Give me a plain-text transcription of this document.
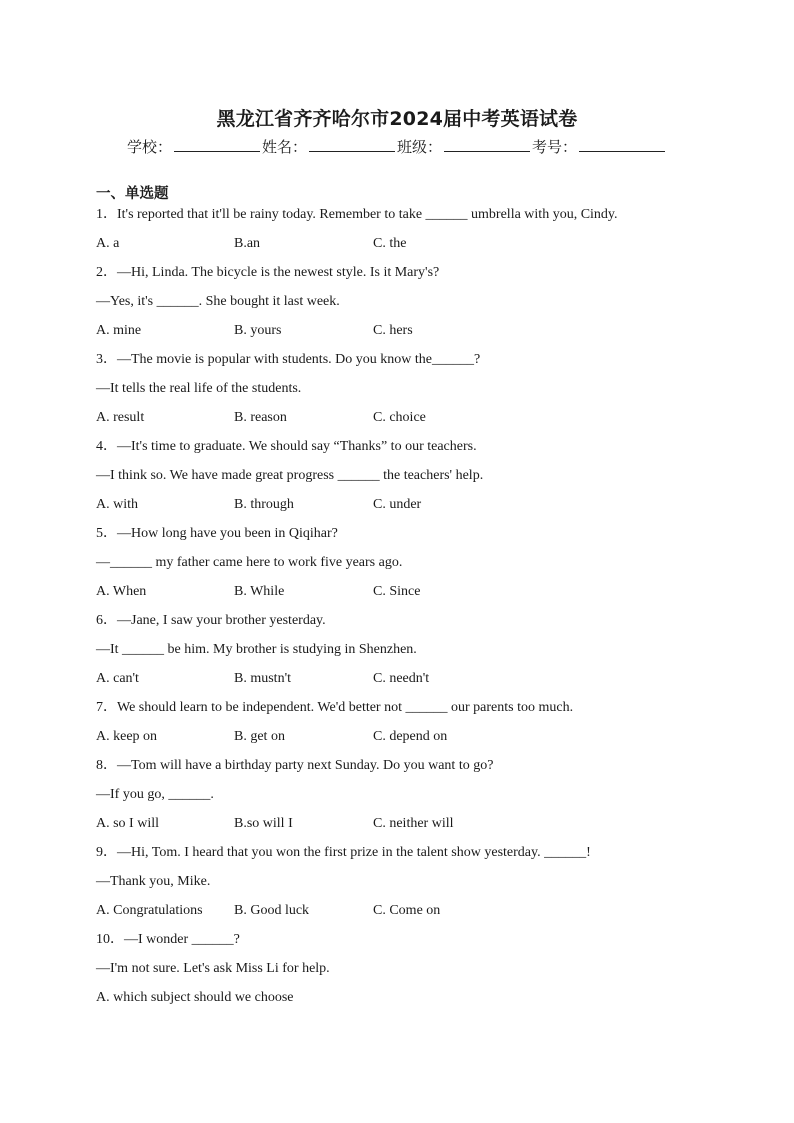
黑龙江省齐齐哈尔市2024届中考英语试卷
学校：	姓名：	班级：	考号：
一、单选题
1．It's reported that it'll be rainy today. Remember to take ______ umbrella with you, Cindy.
A. a	B.an	C. the
2．—Hi, Linda. The bicycle is the newest style. Is it Mary's?
—Yes, it's ______. She bought it last week.
A. mine	B. yours	C. hers
3．—The movie is popular with students. Do you know the______?
—It tells the real life of the students.
A. result	B. reason	C. choice
4．—It's time to graduate. We should say “Thanks” to our teachers.
—I think so. We have made great progress ______ the teachers' help.
A. with	B. through	C. under
5．—How long have you been in Qiqihar?
—______ my father came here to work five years ago.
A. When	B. While	C. Since
6．—Jane, I saw your brother yesterday.
—It ______ be him. My brother is studying in Shenzhen.
A. can't	B. mustn't	C. needn't
7．We should learn to be independent. We'd better not ______ our parents too much.
A. keep on	B. get on	C. depend on
8．—Tom will have a birthday party next Sunday. Do you want to go?
—If you go, ______.
A. so I will	B.so will I	C. neither will
9．—Hi, Tom. I heard that you won the first prize in the talent show yesterday. ______!
—Thank you, Mike.
A. Congratulations B. Good luck	C. Come on
10．—I wonder ______?
—I'm not sure. Let's ask Miss Li for help.
A. which subject should we choose
